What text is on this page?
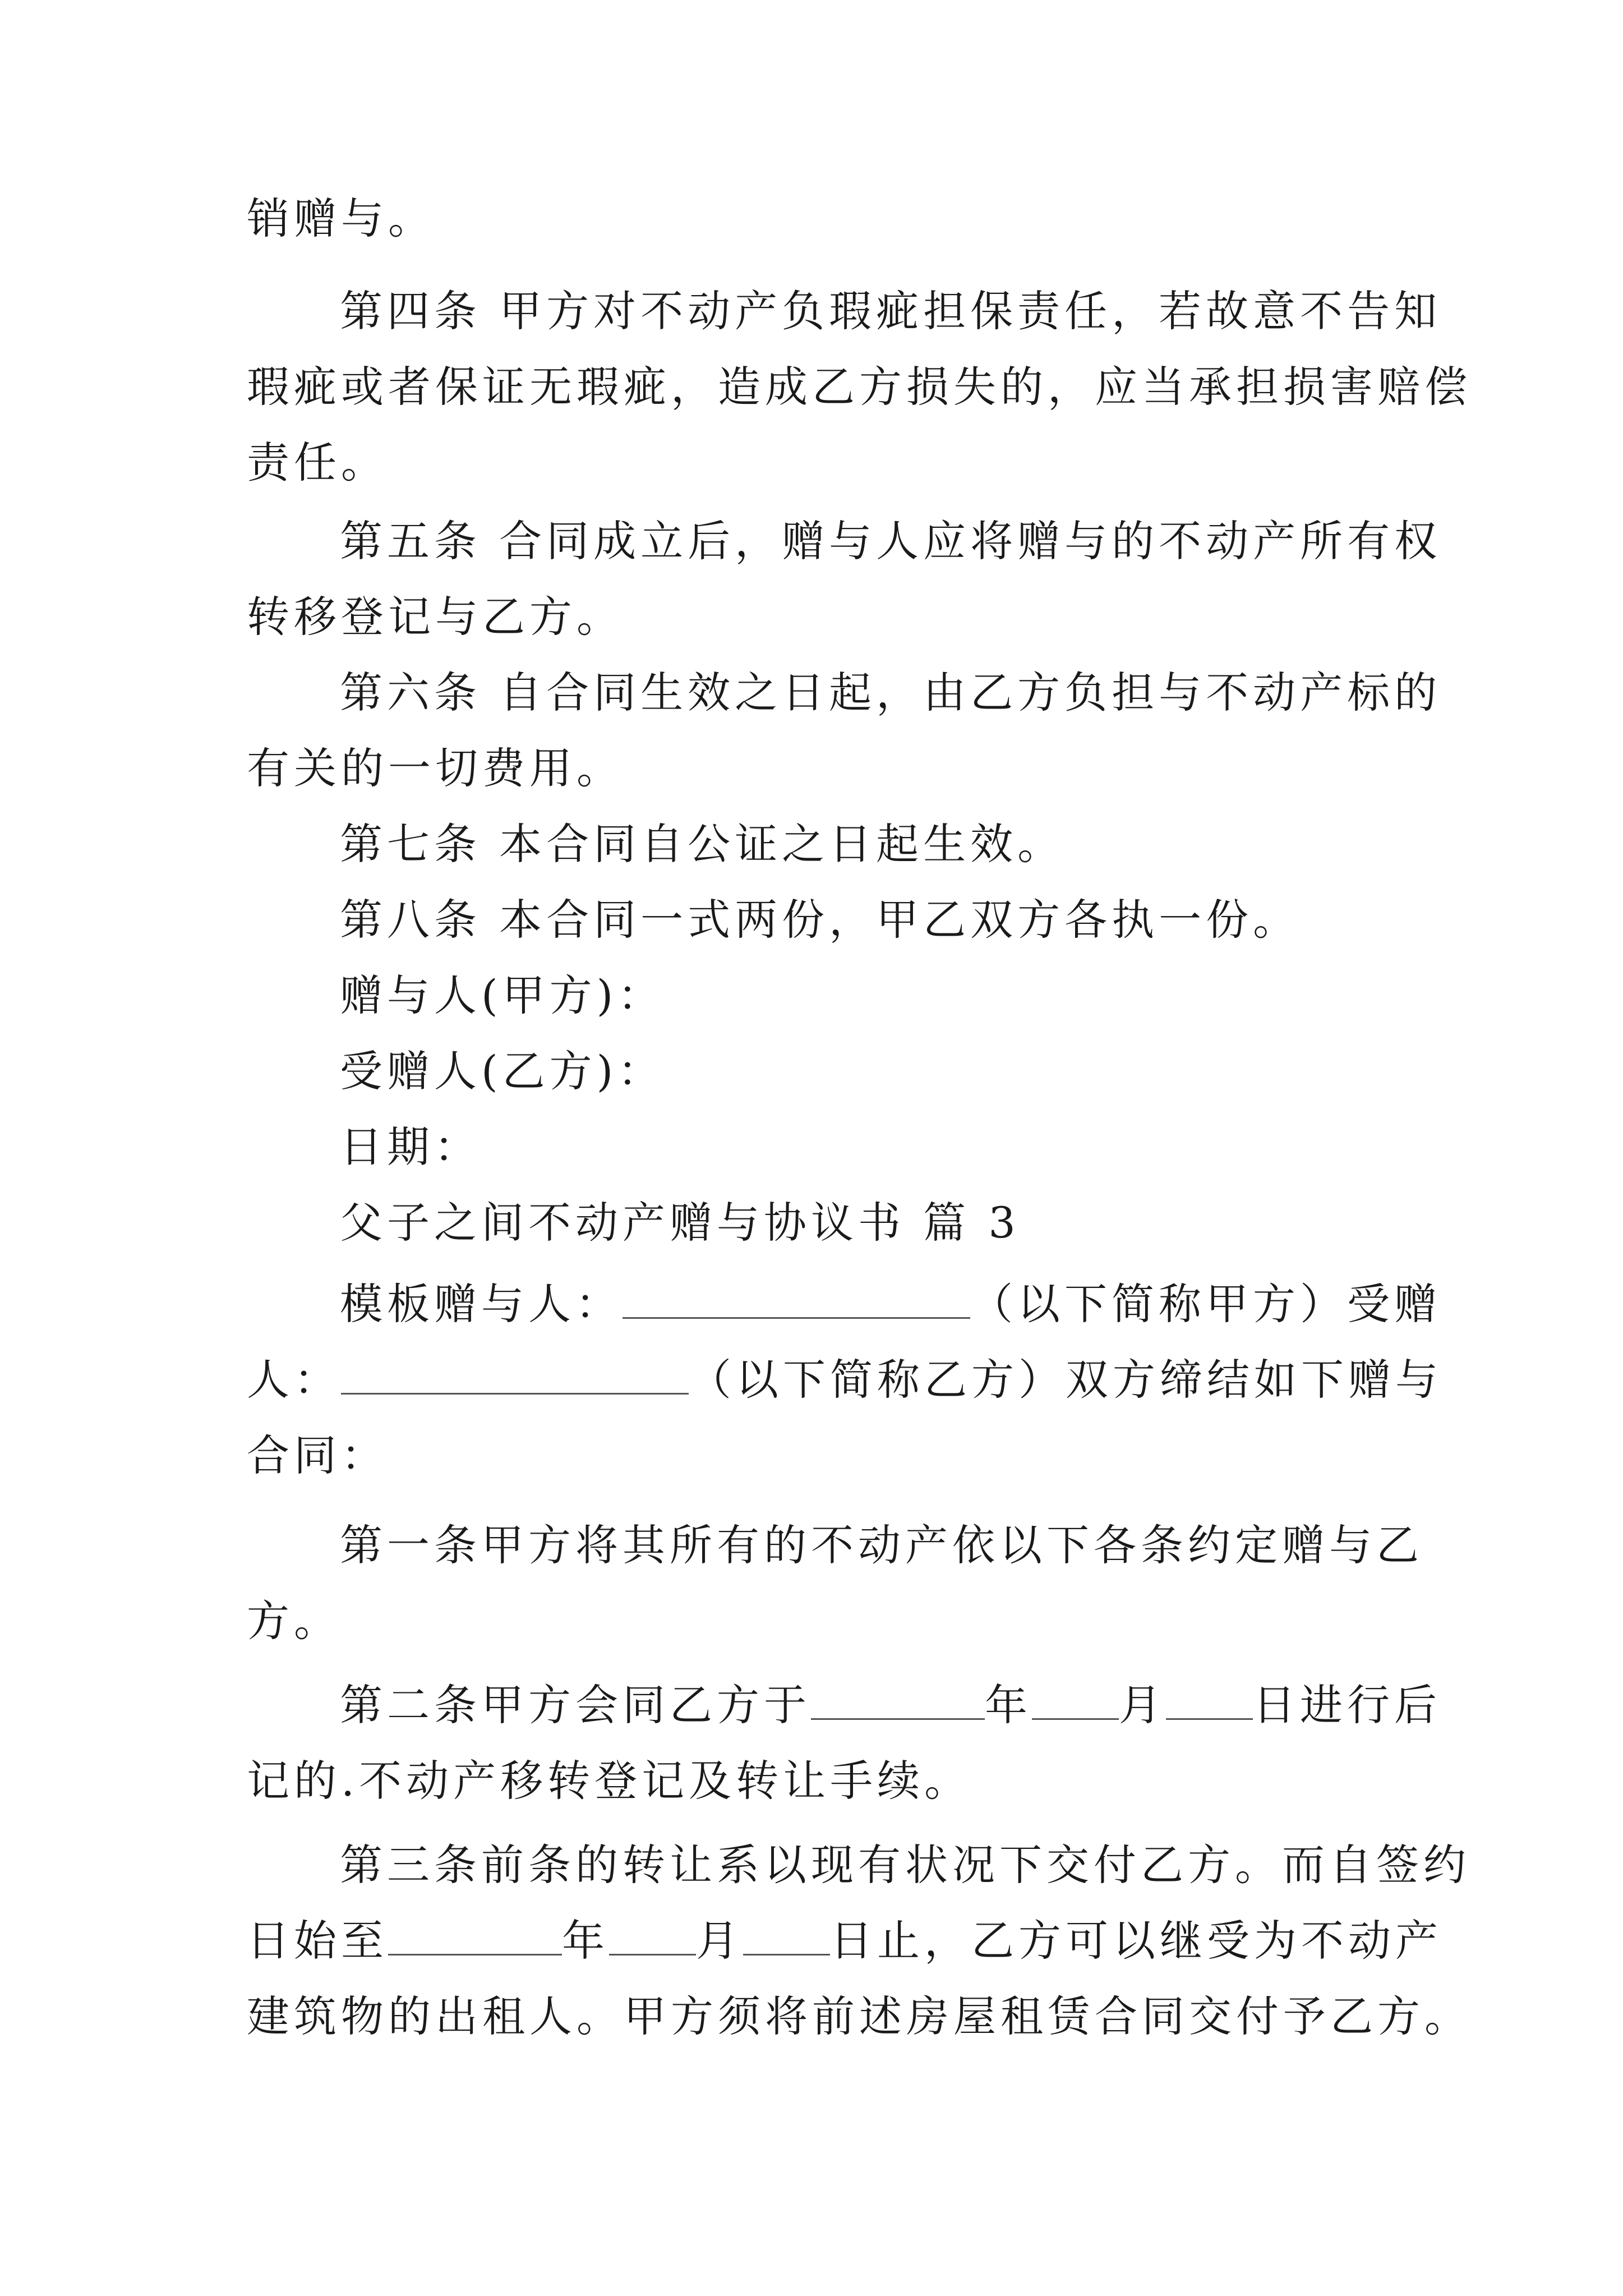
销赠与。
第四条 甲方对不动产负瑕疵担保责任，若故意不告知
瑕疵或者保证无瑕疵，造成乙方损失的，应当承担损害赔偿
责任。
第五条 合同成立后，赠与人应将赠与的不动产所有权
转移登记与乙方。
第六条 自合同生效之日起，由乙方负担与不动产标的
有关的一切费用。
第七条 本合同自公证之日起生效。
第八条 本合同一式两份，甲乙双方各执一份。
赠与人(甲方)：
受赠人(乙方)：
日期：
父子之间不动产赠与协议书 篇 3
模板赠与人：	（以下简称甲方）受赠
人：	（以下简称乙方）双方缔结如下赠与
合同：
第一条甲方将其所有的不动产依以下各条约定赠与乙
方。
第二条甲方会同乙方于	年 月 日进行后
记的.不动产移转登记及转让手续。
第三条前条的转让系以现有状况下交付乙方。而自签约
日始至	年 月 日止，乙方可以继受为不动产
建筑物的出租人。甲方须将前述房屋租赁合同交付予乙方。
